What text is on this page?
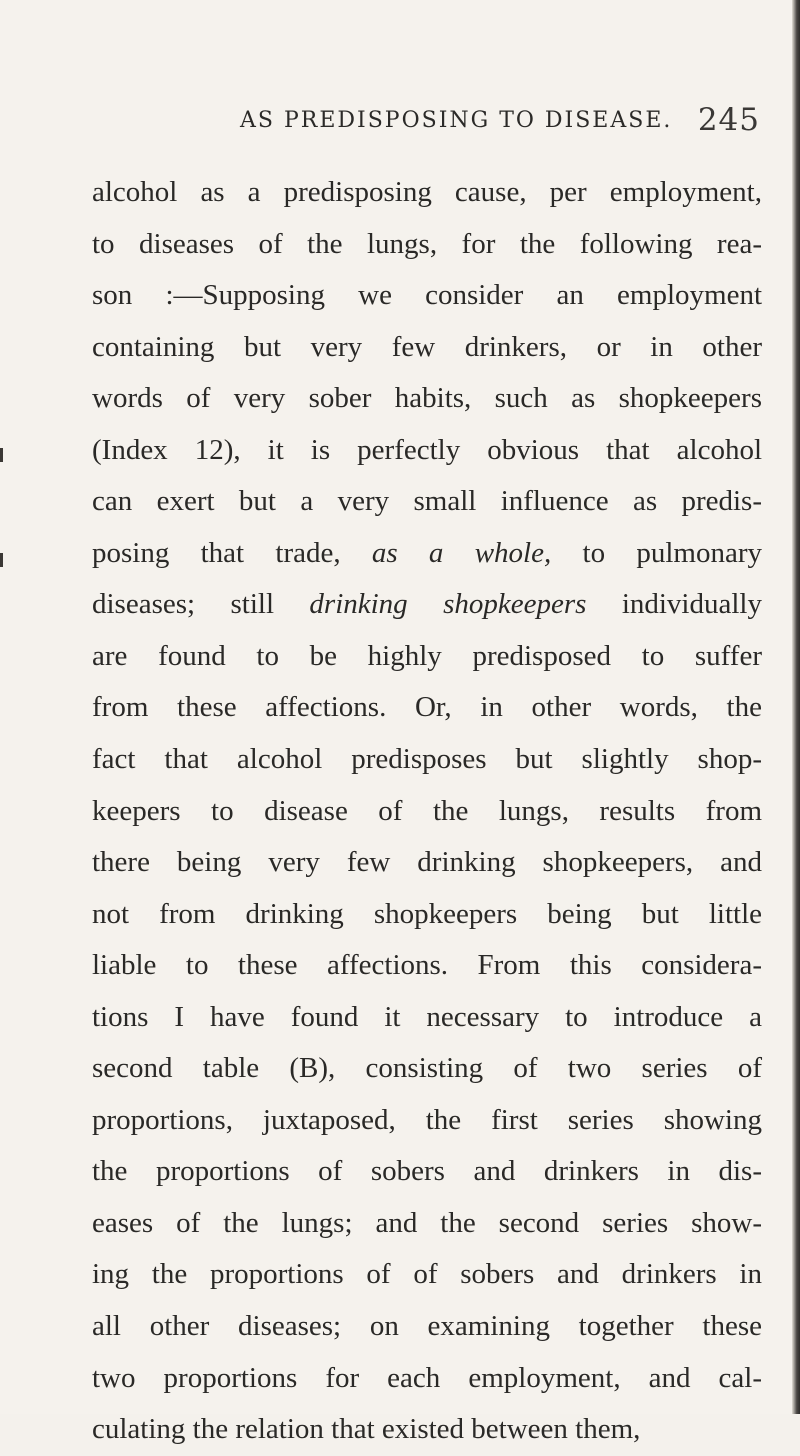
AS PREDISPOSING TO DISEASE. 245
alcohol as a predisposing cause, per employment,
to diseases of the lungs, for the following rea-
son :—Supposing we consider an employment
containing but very few drinkers, or in other
words of very sober habits, such as shopkeepers
(Index 12), it is perfectly obvious that alcohol
can exert but a very small influence as predis-
posing that trade, as a whole, to pulmonary
diseases; still drinking shopkeepers individually
are found to be highly predisposed to suffer
from these affections. Or, in other words, the
fact that alcohol predisposes but slightly shop-
keepers to disease of the lungs, results from
there being very few drinking shopkeepers, and
not from drinking shopkeepers being but little
liable to these affections. From this considera-
tions I have found it necessary to introduce a
second table (B), consisting of two series of
proportions, juxtaposed, the first series showing
the proportions of sobers and drinkers in dis-
eases of the lungs; and the second series show-
ing the proportions of of sobers and drinkers in
all other diseases; on examining together these
two proportions for each employment, and cal-
culating the relation that existed between them,
